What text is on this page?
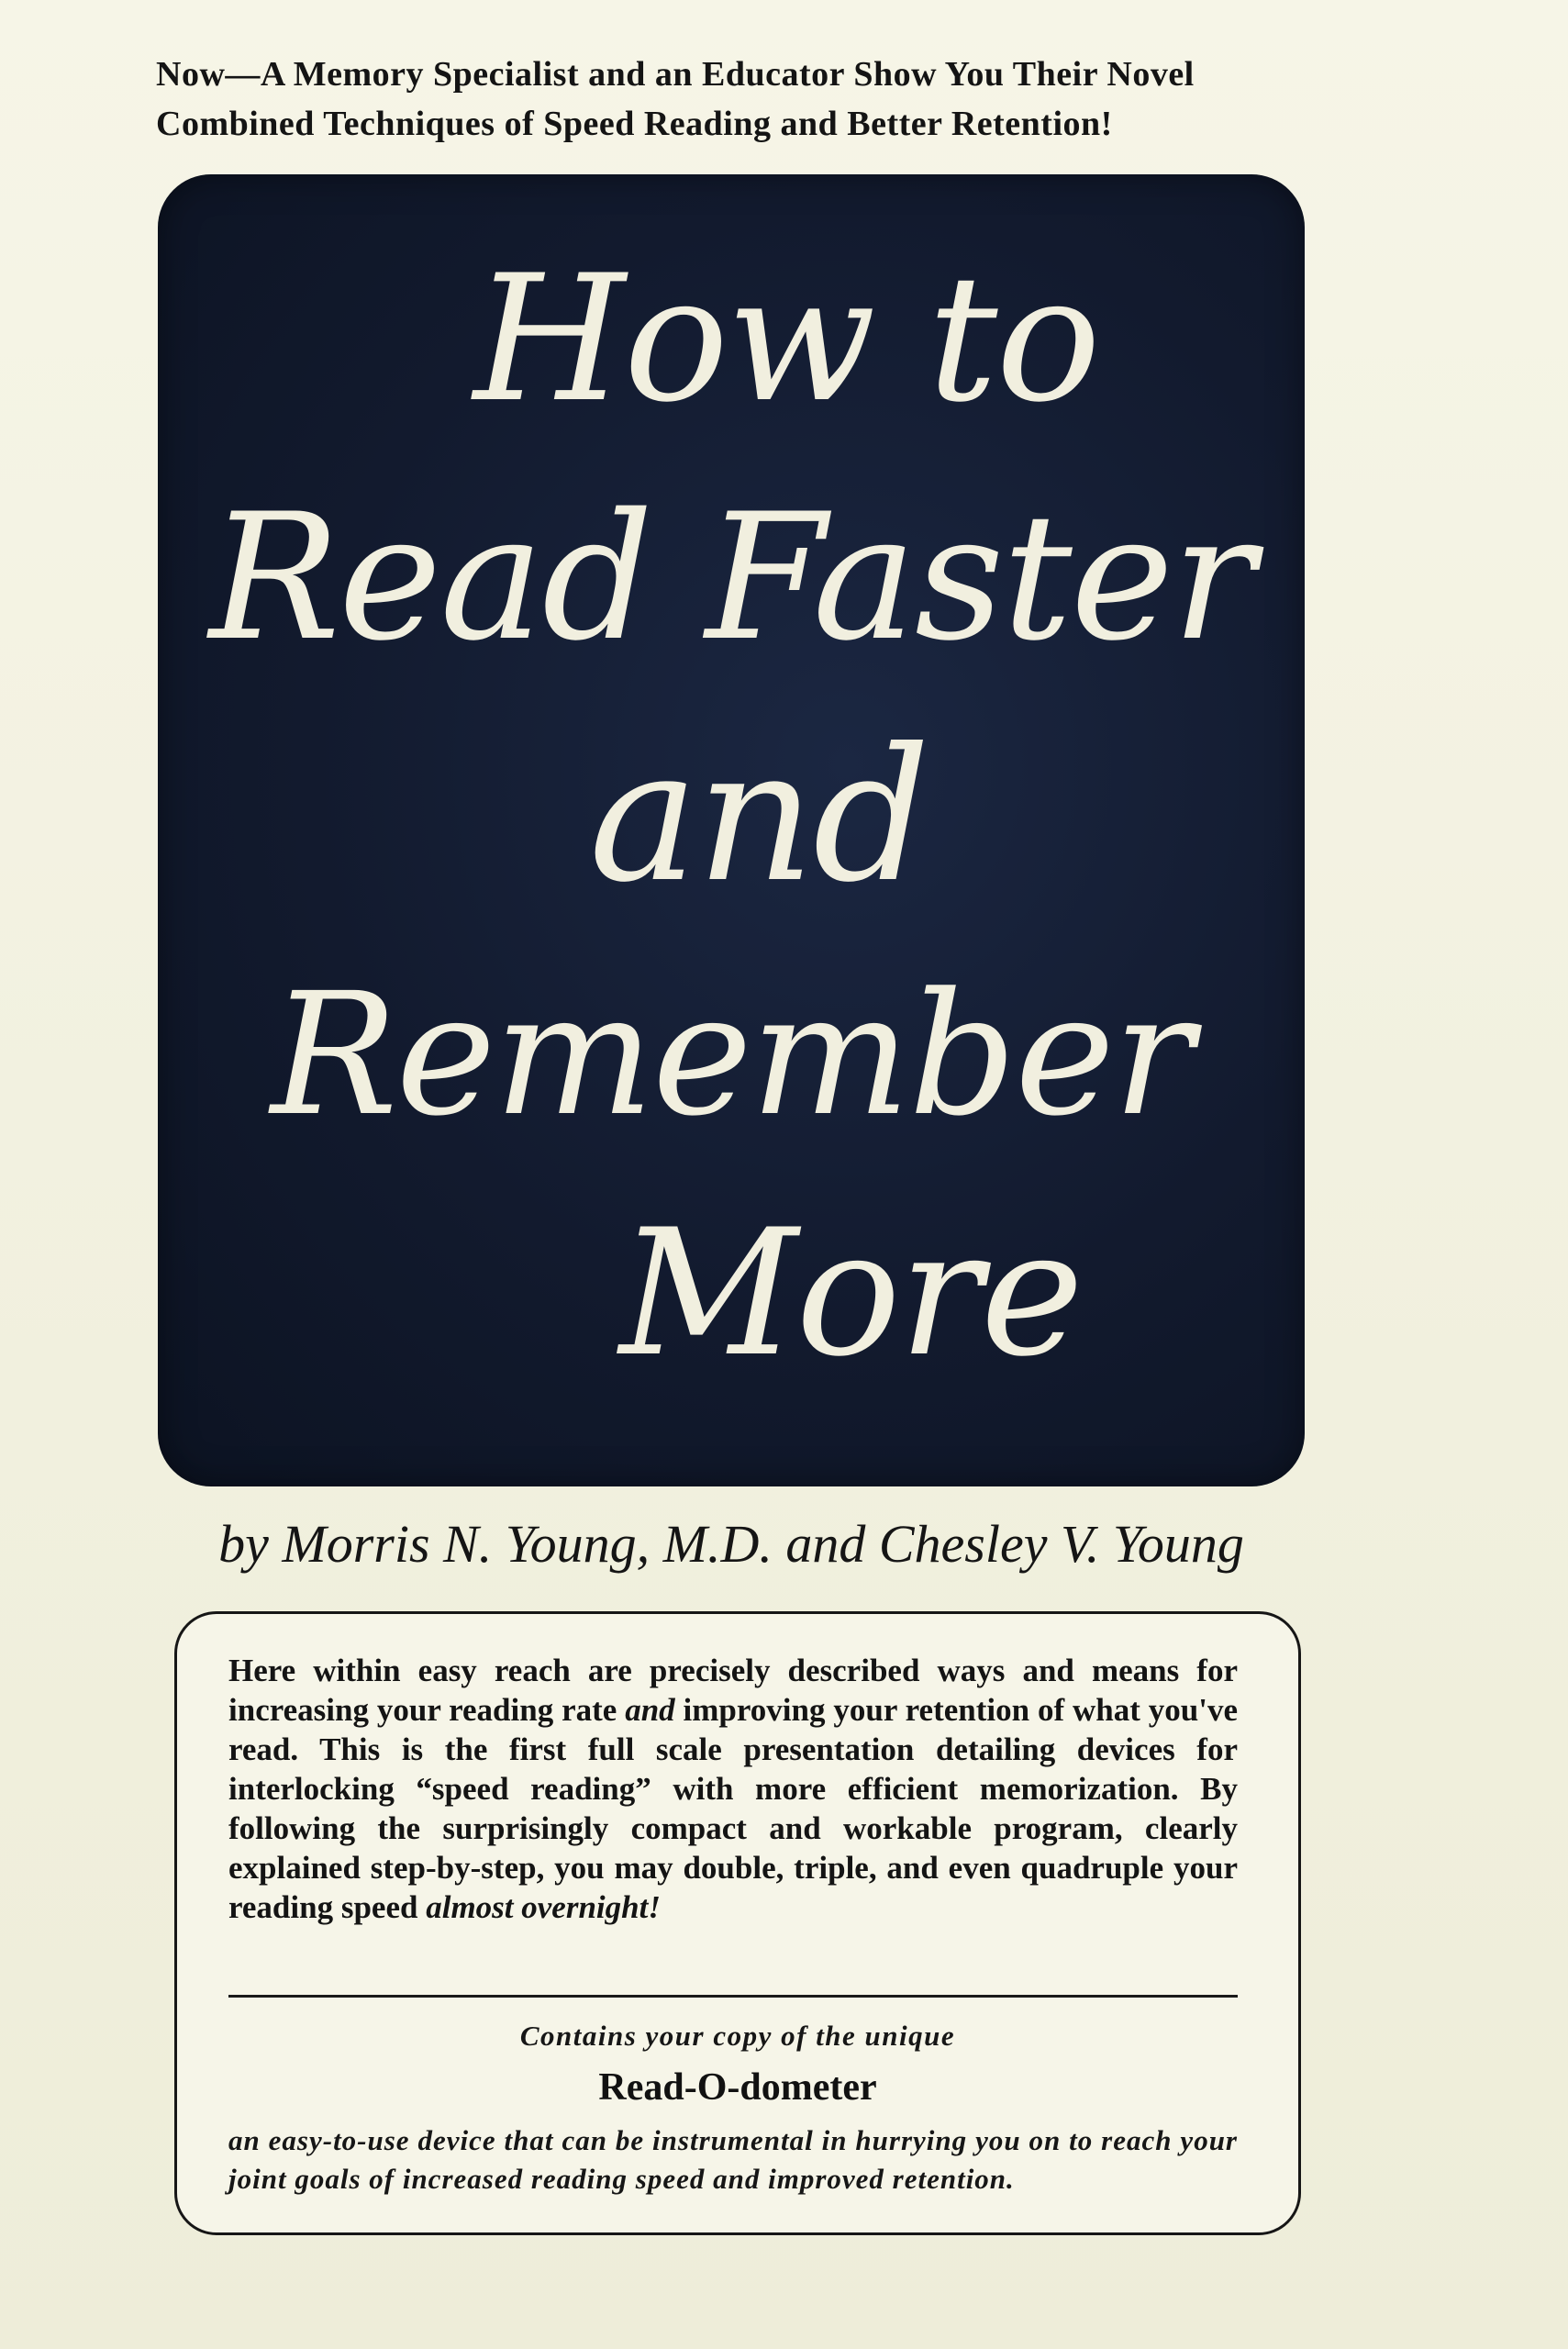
Now—A Memory Specialist and an Educator Show You Their Novel
Combined Techniques of Speed Reading and Better Retention!
How to
Read Faster
and
Remember
More
by Morris N. Young, M.D. and Chesley V. Young
Here within easy reach are precisely described ways and means for increasing your reading rate and improving your retention of what you've read. This is the first full scale presentation detailing devices for interlocking “speed reading” with more efficient memorization. By following the surprisingly compact and workable program, clearly explained step-by-step, you may double, triple, and even quadruple your reading speed almost overnight!
Contains your copy of the unique
Read-O-dometer
an easy-to-use device that can be instrumental in hurrying you on to reach your joint goals of increased reading speed and improved retention.
